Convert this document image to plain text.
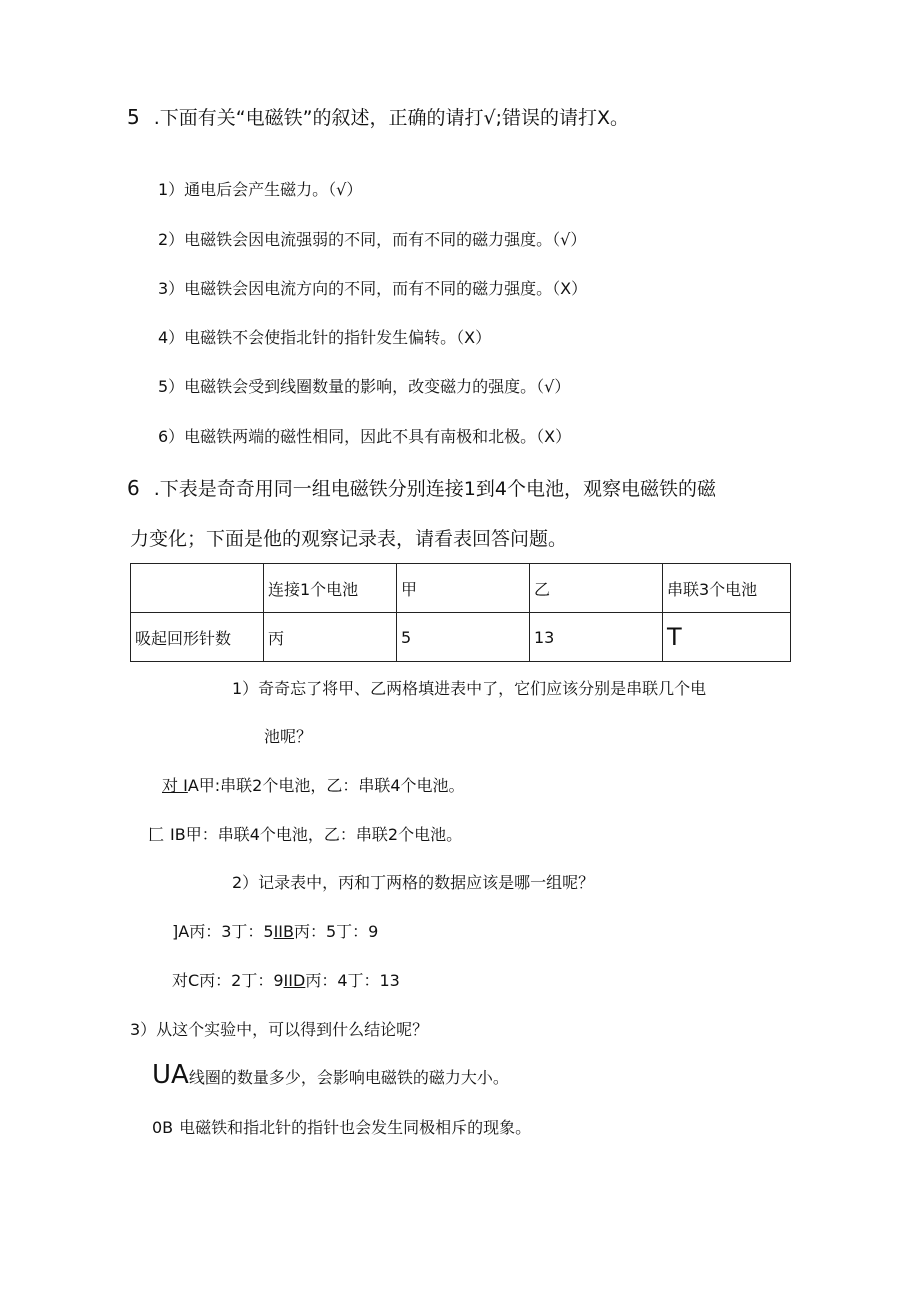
5 .下面有关“电磁铁”的叙述，正确的请打√;错误的请打X。
1）通电后会产生磁力。（√）
2）电磁铁会因电流强弱的不同，而有不同的磁力强度。（√）
3）电磁铁会因电流方向的不同，而有不同的磁力强度。（X）
4）电磁铁不会使指北针的指针发生偏转。（X）
5）电磁铁会受到线圈数量的影响，改变磁力的强度。（√）
6）电磁铁两端的磁性相同，因此不具有南极和北极。（X）
6 .下表是奇奇用同一组电磁铁分别连接1到4个电池，观察电磁铁的磁
力变化；下面是他的观察记录表，请看表回答问题。
	连接1个电池	甲	乙	串联3个电池
吸起回形针数	丙	5	13	T
1）奇奇忘了将甲、乙两格填进表中了，它们应该分别是串联几个电
池呢？
对 IA甲:串联2个电池，乙：串联4个电池。
匚 IB甲：串联4个电池，乙：串联2个电池。
2）记录表中，丙和丁两格的数据应该是哪一组呢？
]A丙：3丁：5IIB丙：5丁：9
对C丙：2丁：9IID丙：4丁：13
3）从这个实验中，可以得到什么结论呢？
UA线圈的数量多少，会影响电磁铁的磁力大小。
0B 电磁铁和指北针的指针也会发生同极相斥的现象。
